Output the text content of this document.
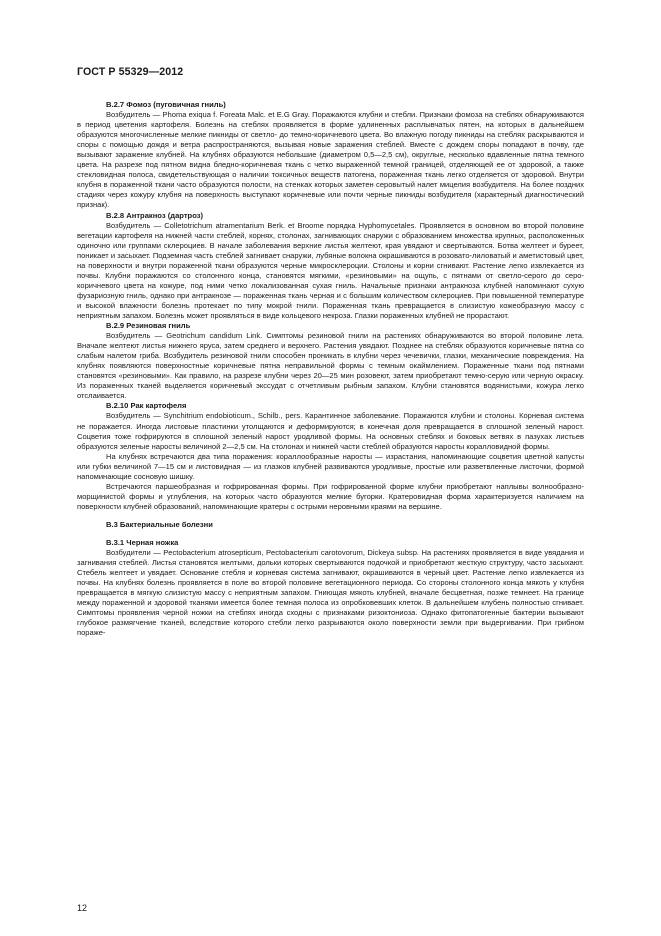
ГОСТ Р 55329—2012
В.2.7 Фомоз (пуговичная гниль)

Возбудитель — Phoma exiqua f. Foreata Malc. et E.G Gray. Поражаются клубни и стебли. Признаки фомоза на стеблях обнаруживаются в период цветения картофеля. Болезнь на стеблях проявляется в форме удлиненных расплывчатых пятен, на которых в дальнейшем образуются многочисленные мелкие пикниды от светло- до темно-коричневого цвета. Во влажную погоду пикниды на стеблях раскрываются и споры с помощью дождя и ветра распространяются, вызывая новые заражения стеблей. Вместе с дождем споры попадают в почву, где вызывают заражение клубней. На клубнях образуются небольшие (диаметром 0,5—2,5 см), округлые, несколько вдавленные пятна темного цвета. На разрезе под пятном видна бледно-коричневая ткань с четко выраженной темной границей, отделяющей ее от здоровой, а также стекловидная полоса, свидетельствующая о наличии токсичных веществ патогена, пораженная ткань легко отделяется от здоровой. Внутри клубня в пораженной ткани часто образуются полости, на стенках которых заметен серовытый налет мицелия возбудителя. На более поздних стадиях через кожуру клубня на поверхность выступают коричневые или почти черные пикниды возбудителя (характерный диагностический признак).

В.2.8 Антракноз (дартроз)

Возбудитель — Colletotrichum atramentarium Berk. et Broome порядка Hyphomycetales. Проявляется в основном во второй половине вегетации картофеля на нижней части стеблей, корнях, столонах, загнивающих снаружи с образованием множества крупных, расположенных одиночно или группами склероциев. В начале заболевания верхние листья желтеют, края увядают и свертываются. Ботва желтеет и буреет, поникает и засыхает. Подземная часть стеблей загнивает снаружи, лубяные волокна окрашиваются в розовато-лиловатый и аметистовый цвет, на поверхности и внутри пораженной ткани образуются черные микросклероции. Столоны и корни сгнивают. Растение легко извлекается из почвы. Клубни поражаются со столонного конца, становятся мягкими, «резиновыми» на ощупь, с пятнами от светло-серого до серо-коричневого цвета на кожуре, под ними четко локализованная сухая гниль. Начальные признаки антракноза клубней напоминают сухую фузариозную гниль, однако при антракнозе — пораженная ткань черная и с большим количеством склероциев. При повышенной температуре и высокой влажности болезнь протекает по типу мокрой гнили. Пораженная ткань превращается в слизистую кожеобразную массу с неприятным запахом. Болезнь может проявляться в виде кольцевого некроза. Глазки пораженных клубней не прорастают.

В.2.9 Резиновая гниль

Возбудитель — Geotrichum candidum Link. Симптомы резиновой гнили на растениях обнаруживаются во второй половине лета. Вначале желтеют листья нижнего яруса, затем среднего и верхнего. Растения увядают. Позднее на стеблях образуются коричневые пятна со слабым налетом гриба. Возбудитель резиновой гнили способен проникать в клубни через чечевички, глазки, механические повреждения. На клубнях появляются поверхностные коричневые пятна неправильной формы с темным окаймлением. Пораженные ткани под пятнами становятся «резиновыми». Как правило, на разрезе клубни через 20—25 мин розовеют, затем приобретают темно-серую или черную окраску. Из пораженных тканей выделяется коричневый экссудат с отчетливым рыбным запахом. Клубни становятся водянистыми, кожура легко отслаивается.

В.2.10 Рак картофеля

Возбудитель — Synchitrium endobioticum., Schilb., pers. Карантинное заболевание. Поражаются клубни и столоны. Корневая система не поражается. Иногда листовые пластинки утолщаются и деформируются; в конечная доля превращается в сплошной зеленый нарост. Соцветия тоже гофрируются в сплошной зеленый нарост уродливой формы. На основных стеблях и боковых ветвях в пазухах листьев образуются зеленые наросты величиной 2—2,5 см. На столонах и нижней части стеблей образуются наросты коралловидной формы.

На клубнях встречаются два типа поражения: кораллообразные наросты — израстания, напоминающие соцветия цветной капусты или губки величиной 7—15 см и листовидная — из глазков клубней развиваются уродливые, простые или разветвленные листочки, формой напоминающие сосновую шишку.

Встречаются паршеобразная и гофрированная формы. При гофрированной форме клубни приобретают наплывы волнообразно-морщинистой формы и углубления, на которых часто образуются мелкие бугорки. Кратеровидная форма характеризуется наличием на поверхности клубней образований, напоминающие кратеры с острыми неровными краями на вершине.

В.3 Бактериальные болезни
В.3.1 Черная ножка

Возбудители — Pectobacterium atrosepticum, Pectobacterium carotovorum, Dickeya subsp. На растениях проявляется в виде увядания и загнивания стеблей. Листья становятся желтыми, дольки которых свертываются подочкой и приобретают жесткую структуру, часто засыхают. Стебель желтеет и увядает. Основание стебля и корневая система загнивают, окрашиваются в черный цвет. Растение легко извлекается из почвы. На клубнях болезнь проявляется в поле во второй половине вегетационного периода. Со стороны столонного конца мякоть у клубня превращается в мягкую слизистую массу с неприятным запахом. Гниющая мякоть клубней, вначале бесцветная, позже темнеет. На границе между пораженной и здоровой тканями имеется более темная полоса из опробковевших клеток. В дальнейшем клубень полностью сгнивает. Симптомы проявления черной ножки на стеблях иногда сходны с признаками ризоктониоза. Однако фитопатогенные бактерии вызывают глубокое размягчение тканей, вследствие которого стебли легко разрываются около поверхности земли при выдергивании. При грибном пораже-

12
